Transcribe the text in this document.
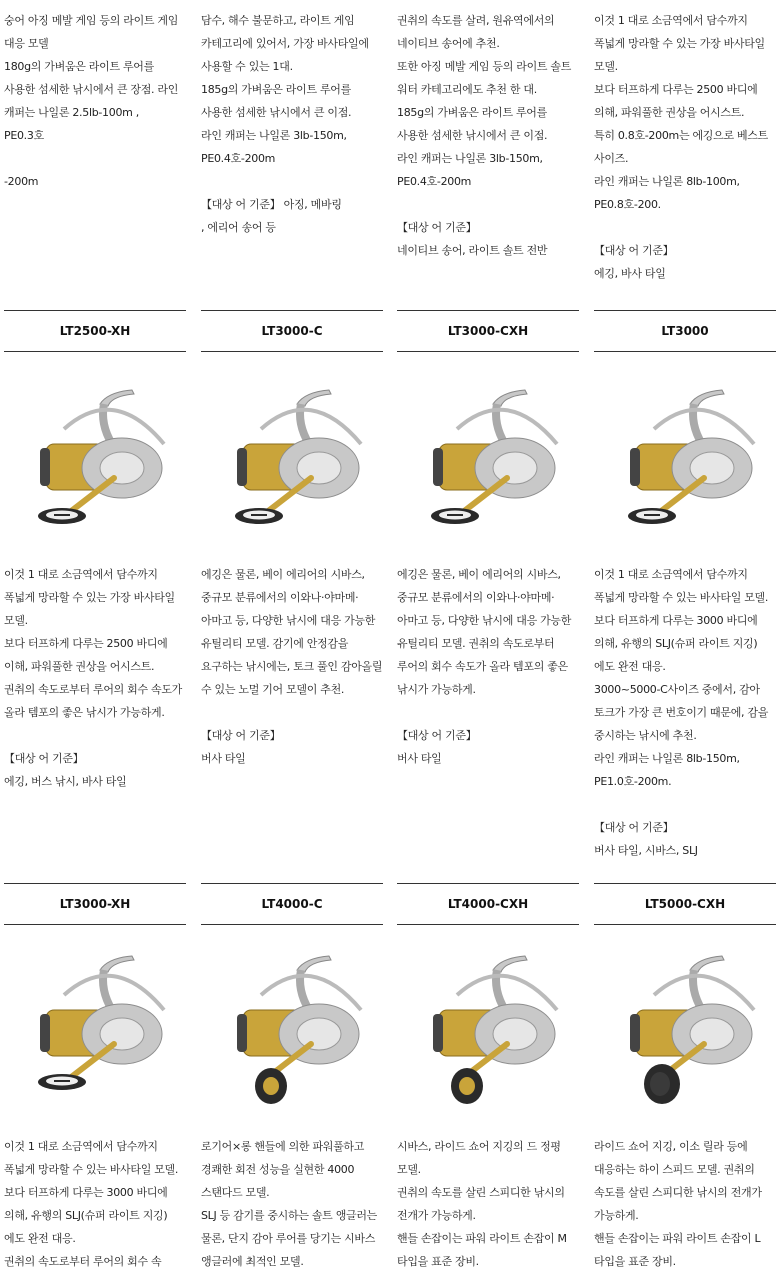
숭어 아징 메발 게임 등의 라이트 게임 대응 모델

180g의 가벼움은 라이트 루어를 사용한 섬세한 낚시에서 큰 장점. 라인 캐퍼는 나일론 2.5lb-100m ,

PE0.3호

-200m

담수, 해수 불문하고, 라이트 게임 카테고리에 있어서, 가장 바사타일에 사용할 수 있는 1대.

185g의 가벼움은 라이트 루어를 사용한 섬세한 낚시에서 큰 이점.

라인 캐퍼는 나일론 3lb-150m, PE0.4호-200m

【대상 어 기준】 아징, 메바링

, 에리어 송어 등

권취의 속도를 살려, 원유역에서의 네이티브 송어에 추천.

또한 아징 메발 게임 등의 라이트 솔트 워터 카테고리에도 추천 한 대.

185g의 가벼움은 라이트 루어를 사용한 섬세한 낚시에서 큰 이점.

라인 캐퍼는 나일론 3lb-150m, PE0.4호-200m

【대상 어 기준】

네이티브 송어, 라이트 솔트 전반

이것 1 대로 소금역에서 담수까지 폭넓게 망라할 수 있는 가장 바사타일 모델.

보다 터프하게 다루는 2500 바디에 의해, 파워풀한 권상을 어시스트.

특히 0.8호-200m는 에깅으로 베스트 사이즈.

라인 캐퍼는 나일론 8lb-100m, PE0.8호-200.

【대상 어 기준】

에깅, 바사 타일

LT2500-XH	LT3000-C	LT3000-CXH	LT3000

이것 1 대로 소금역에서 담수까지 폭넓게 망라할 수 있는 가장 바사타일 모델.

보다 터프하게 다루는 2500 바디에 이해, 파워풀한 권상을 어시스트.

권취의 속도로부터 루어의 회수 속도가 올라 템포의 좋은 낚시가 가능하게.

【대상 어 기준】

에깅, 버스 낚시, 바사 타일

에깅은 물론, 베이 에리어의 시바스, 중규모 분류에서의 이와나·야마메·아마고 등, 다양한 낚시에 대응 가능한 유틸리티 모델. 감기에 안정감을 요구하는 낚시에는, 토크 풀인 감아올릴 수 있는 노멀 기어 모델이 추천.

【대상 어 기준】

버사 타일

에깅은 물론, 베이 에리어의 시바스, 중규모 분류에서의 이와나·야마메·아마고 등, 다양한 낚시에 대응 가능한 유틸리티 모델. 권취의 속도로부터 루어의 회수 속도가 올라 템포의 좋은 낚시가 가능하게.

【대상 어 기준】

버사 타일

이것 1 대로 소금역에서 담수까지 폭넓게 망라할 수 있는 바사타일 모델.

보다 터프하게 다루는 3000 바디에 의해, 유행의 SLJ(슈퍼 라이트 지깅)에도 완전 대응.

3000~5000-C사이즈 중에서, 감아 토크가 가장 큰 번호이기 때문에, 감을 중시하는 낚시에 추천.

라인 캐퍼는 나일론 8lb-150m, PE1.0호-200m.

【대상 어 기준】

버사 타일, 시바스, SLJ

LT3000-XH	LT4000-C	LT4000-CXH	LT5000-CXH

이것 1 대로 소금역에서 담수까지 폭넓게 망라할 수 있는 바사타일 모델.

보다 터프하게 다루는 3000 바디에 의해, 유행의 SLJ(슈퍼 라이트 지깅)에도 완전 대응.

권취의 속도로부터 루어의 회수 속

로기어×롱 핸들에 의한 파워풀하고 경쾌한 회전 성능을 실현한 4000 스탠다드 모델.

SLJ 등 감기를 중시하는 솔트 앵글러는 물론, 단지 감아 루어를 당기는 시바스 앵글러에 최적인 모델.

시바스, 라이드 쇼어 지깅의 드 정평 모델.

권취의 속도를 살린 스피디한 낚시의 전개가 가능하게.

핸들 손잡이는 파워 라이트 손잡이 M 타입을 표준 장비.

라이드 쇼어 지깅, 이소 릴라 등에 대응하는 하이 스피드 모델. 권취의 속도를 살린 스피디한 낚시의 전개가 가능하게.

핸들 손잡이는 파워 라이트 손잡이 L 타입을 표준 장비.
